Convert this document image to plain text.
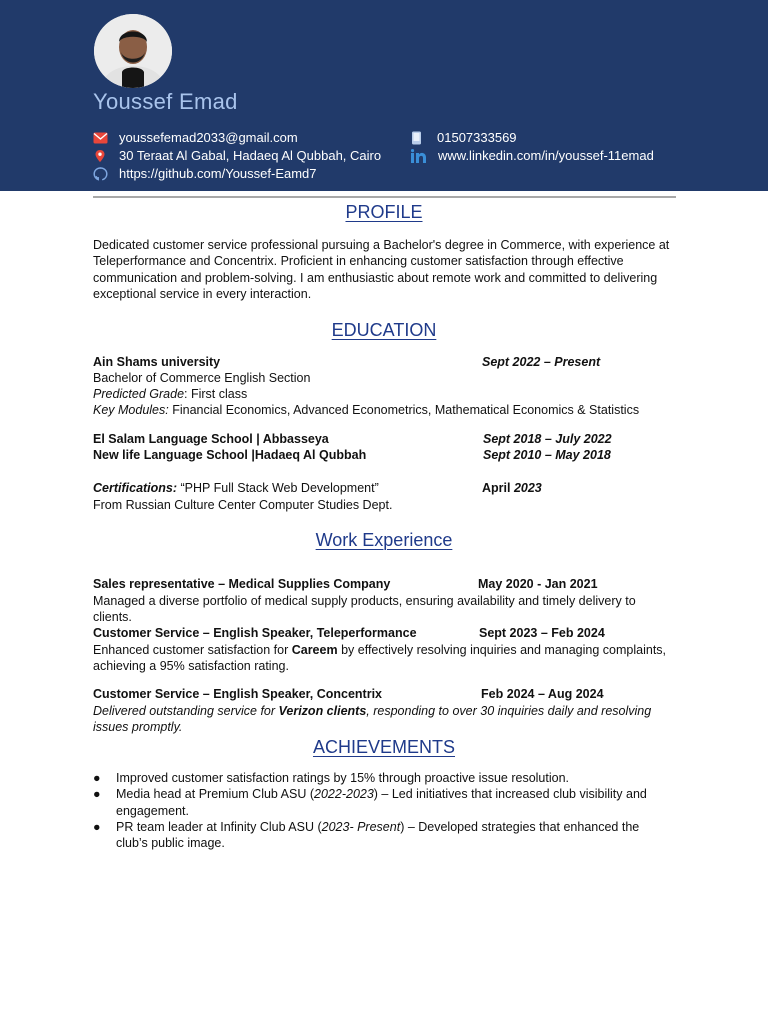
Youssef Emad
youssefemad2033@gmail.com	01507333569
30 Teraat Al Gabal, Hadaeq Al Qubbah, Cairo	www.linkedin.com/in/youssef-11emad
https://github.com/Youssef-Eamd7
PROFILE
Dedicated customer service professional pursuing a Bachelor's degree in Commerce, with experience at Teleperformance and Concentrix. Proficient in enhancing customer satisfaction through effective communication and problem-solving. I am enthusiastic about remote work and committed to delivering exceptional service in every interaction.
EDUCATION
Ain Shams university	Sept 2022 – Present
Bachelor of Commerce English Section
Predicted Grade: First class
Key Modules: Financial Economics, Advanced Econometrics, Mathematical Economics & Statistics
El Salam Language School | Abbasseya	Sept 2018 – July 2022
New life Language School |Hadaeq Al Qubbah	Sept 2010 – May 2018
Certifications: “PHP Full Stack Web Development”	April 2023
From Russian Culture Center Computer Studies Dept.
Work Experience
Sales representative – Medical Supplies Company	May 2020 - Jan 2021
Managed a diverse portfolio of medical supply products, ensuring availability and timely delivery to clients.
Customer Service – English Speaker, Teleperformance	Sept 2023 – Feb 2024
Enhanced customer satisfaction for Careem by effectively resolving inquiries and managing complaints, achieving a 95% satisfaction rating.
Customer Service – English Speaker, Concentrix	Feb 2024 – Aug 2024
Delivered outstanding service for Verizon clients, responding to over 30 inquiries daily and resolving issues promptly.
ACHIEVEMENTS
● Improved customer satisfaction ratings by 15% through proactive issue resolution.
● Media head at Premium Club ASU (2022-2023) – Led initiatives that increased club visibility and engagement.
● PR team leader at Infinity Club ASU (2023- Present) – Developed strategies that enhanced the club’s public image.
